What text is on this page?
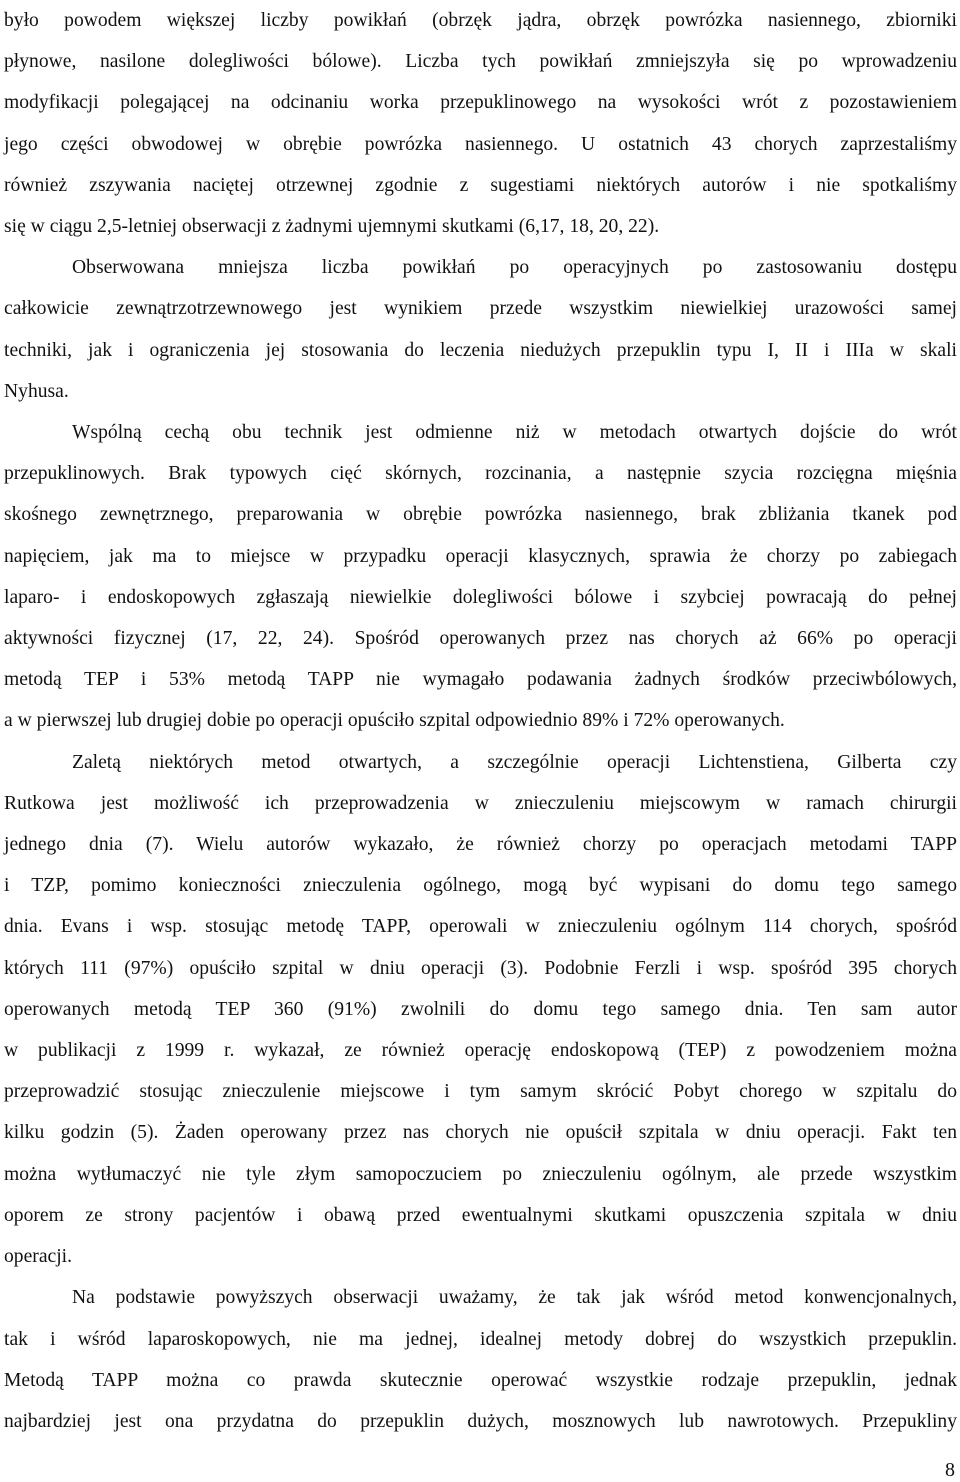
było powodem większej liczby powikłań (obrzęk jądra, obrzęk powrózka nasiennego, zbiorniki
płynowe, nasilone dolegliwości bólowe). Liczba tych powikłań zmniejszyła się po wprowadzeniu
modyfikacji polegającej na odcinaniu worka przepuklinowego na wysokości wrót z pozostawieniem
jego części obwodowej w obrębie powrózka nasiennego. U ostatnich 43 chorych zaprzestaliśmy
również zszywania naciętej otrzewnej zgodnie z sugestiami niektórych autorów i nie spotkaliśmy
się w ciągu 2,5-letniej obserwacji z żadnymi ujemnymi skutkami (6,17, 18, 20, 22).
Obserwowana mniejsza liczba powikłań po operacyjnych po zastosowaniu dostępu
całkowicie zewnątrzotrzewnowego jest wynikiem przede wszystkim niewielkiej urazowości samej
techniki, jak i ograniczenia jej stosowania do leczenia niedużych przepuklin typu I, II i IIIa w skali
Nyhusa.
Wspólną cechą obu technik jest odmienne niż w metodach otwartych dojście do wrót
przepuklinowych. Brak typowych cięć skórnych, rozcinania, a następnie szycia rozcięgna mięśnia
skośnego zewnętrznego, preparowania w obrębie powrózka nasiennego, brak zbliżania tkanek pod
napięciem, jak ma to miejsce w przypadku operacji klasycznych, sprawia że chorzy po zabiegach
laparo- i endoskopowych zgłaszają niewielkie dolegliwości bólowe i szybciej powracają do pełnej
aktywności fizycznej (17, 22, 24). Spośród operowanych przez nas chorych aż 66% po operacji
metodą TEP i 53% metodą TAPP nie wymagało podawania żadnych środków przeciwbólowych,
a w pierwszej lub drugiej dobie po operacji opuściło szpital odpowiednio 89% i 72% operowanych.
Zaletą niektórych metod otwartych, a szczególnie operacji Lichtenstiena, Gilberta czy
Rutkowa jest możliwość ich przeprowadzenia w znieczuleniu miejscowym w ramach chirurgii
jednego dnia (7). Wielu autorów wykazało, że również chorzy po operacjach metodami TAPP
i TZP, pomimo konieczności znieczulenia ogólnego, mogą być wypisani do domu tego samego
dnia. Evans i wsp. stosując metodę TAPP, operowali w znieczuleniu ogólnym 114 chorych, spośród
których 111 (97%) opuściło szpital w dniu operacji (3). Podobnie Ferzli i wsp. spośród 395 chorych
operowanych metodą TEP 360 (91%) zwolnili do domu tego samego dnia. Ten sam autor
w publikacji z 1999 r. wykazał, ze również operację endoskopową (TEP) z powodzeniem można
przeprowadzić stosując znieczulenie miejscowe i tym samym skrócić Pobyt chorego w szpitalu do
kilku godzin (5). Żaden operowany przez nas chorych nie opuścił szpitala w dniu operacji. Fakt ten
można wytłumaczyć nie tyle złym samopoczuciem po znieczuleniu ogólnym, ale przede wszystkim
oporem ze strony pacjentów i obawą przed ewentualnymi skutkami opuszczenia szpitala w dniu
operacji.
Na podstawie powyższych obserwacji uważamy, że tak jak wśród metod konwencjonalnych,
tak i wśród laparoskopowych, nie ma jednej, idealnej metody dobrej do wszystkich przepuklin.
Metodą TAPP można co prawda skutecznie operować wszystkie rodzaje przepuklin, jednak
najbardziej jest ona przydatna do przepuklin dużych, mosznowych lub nawrotowych. Przepukliny
8
